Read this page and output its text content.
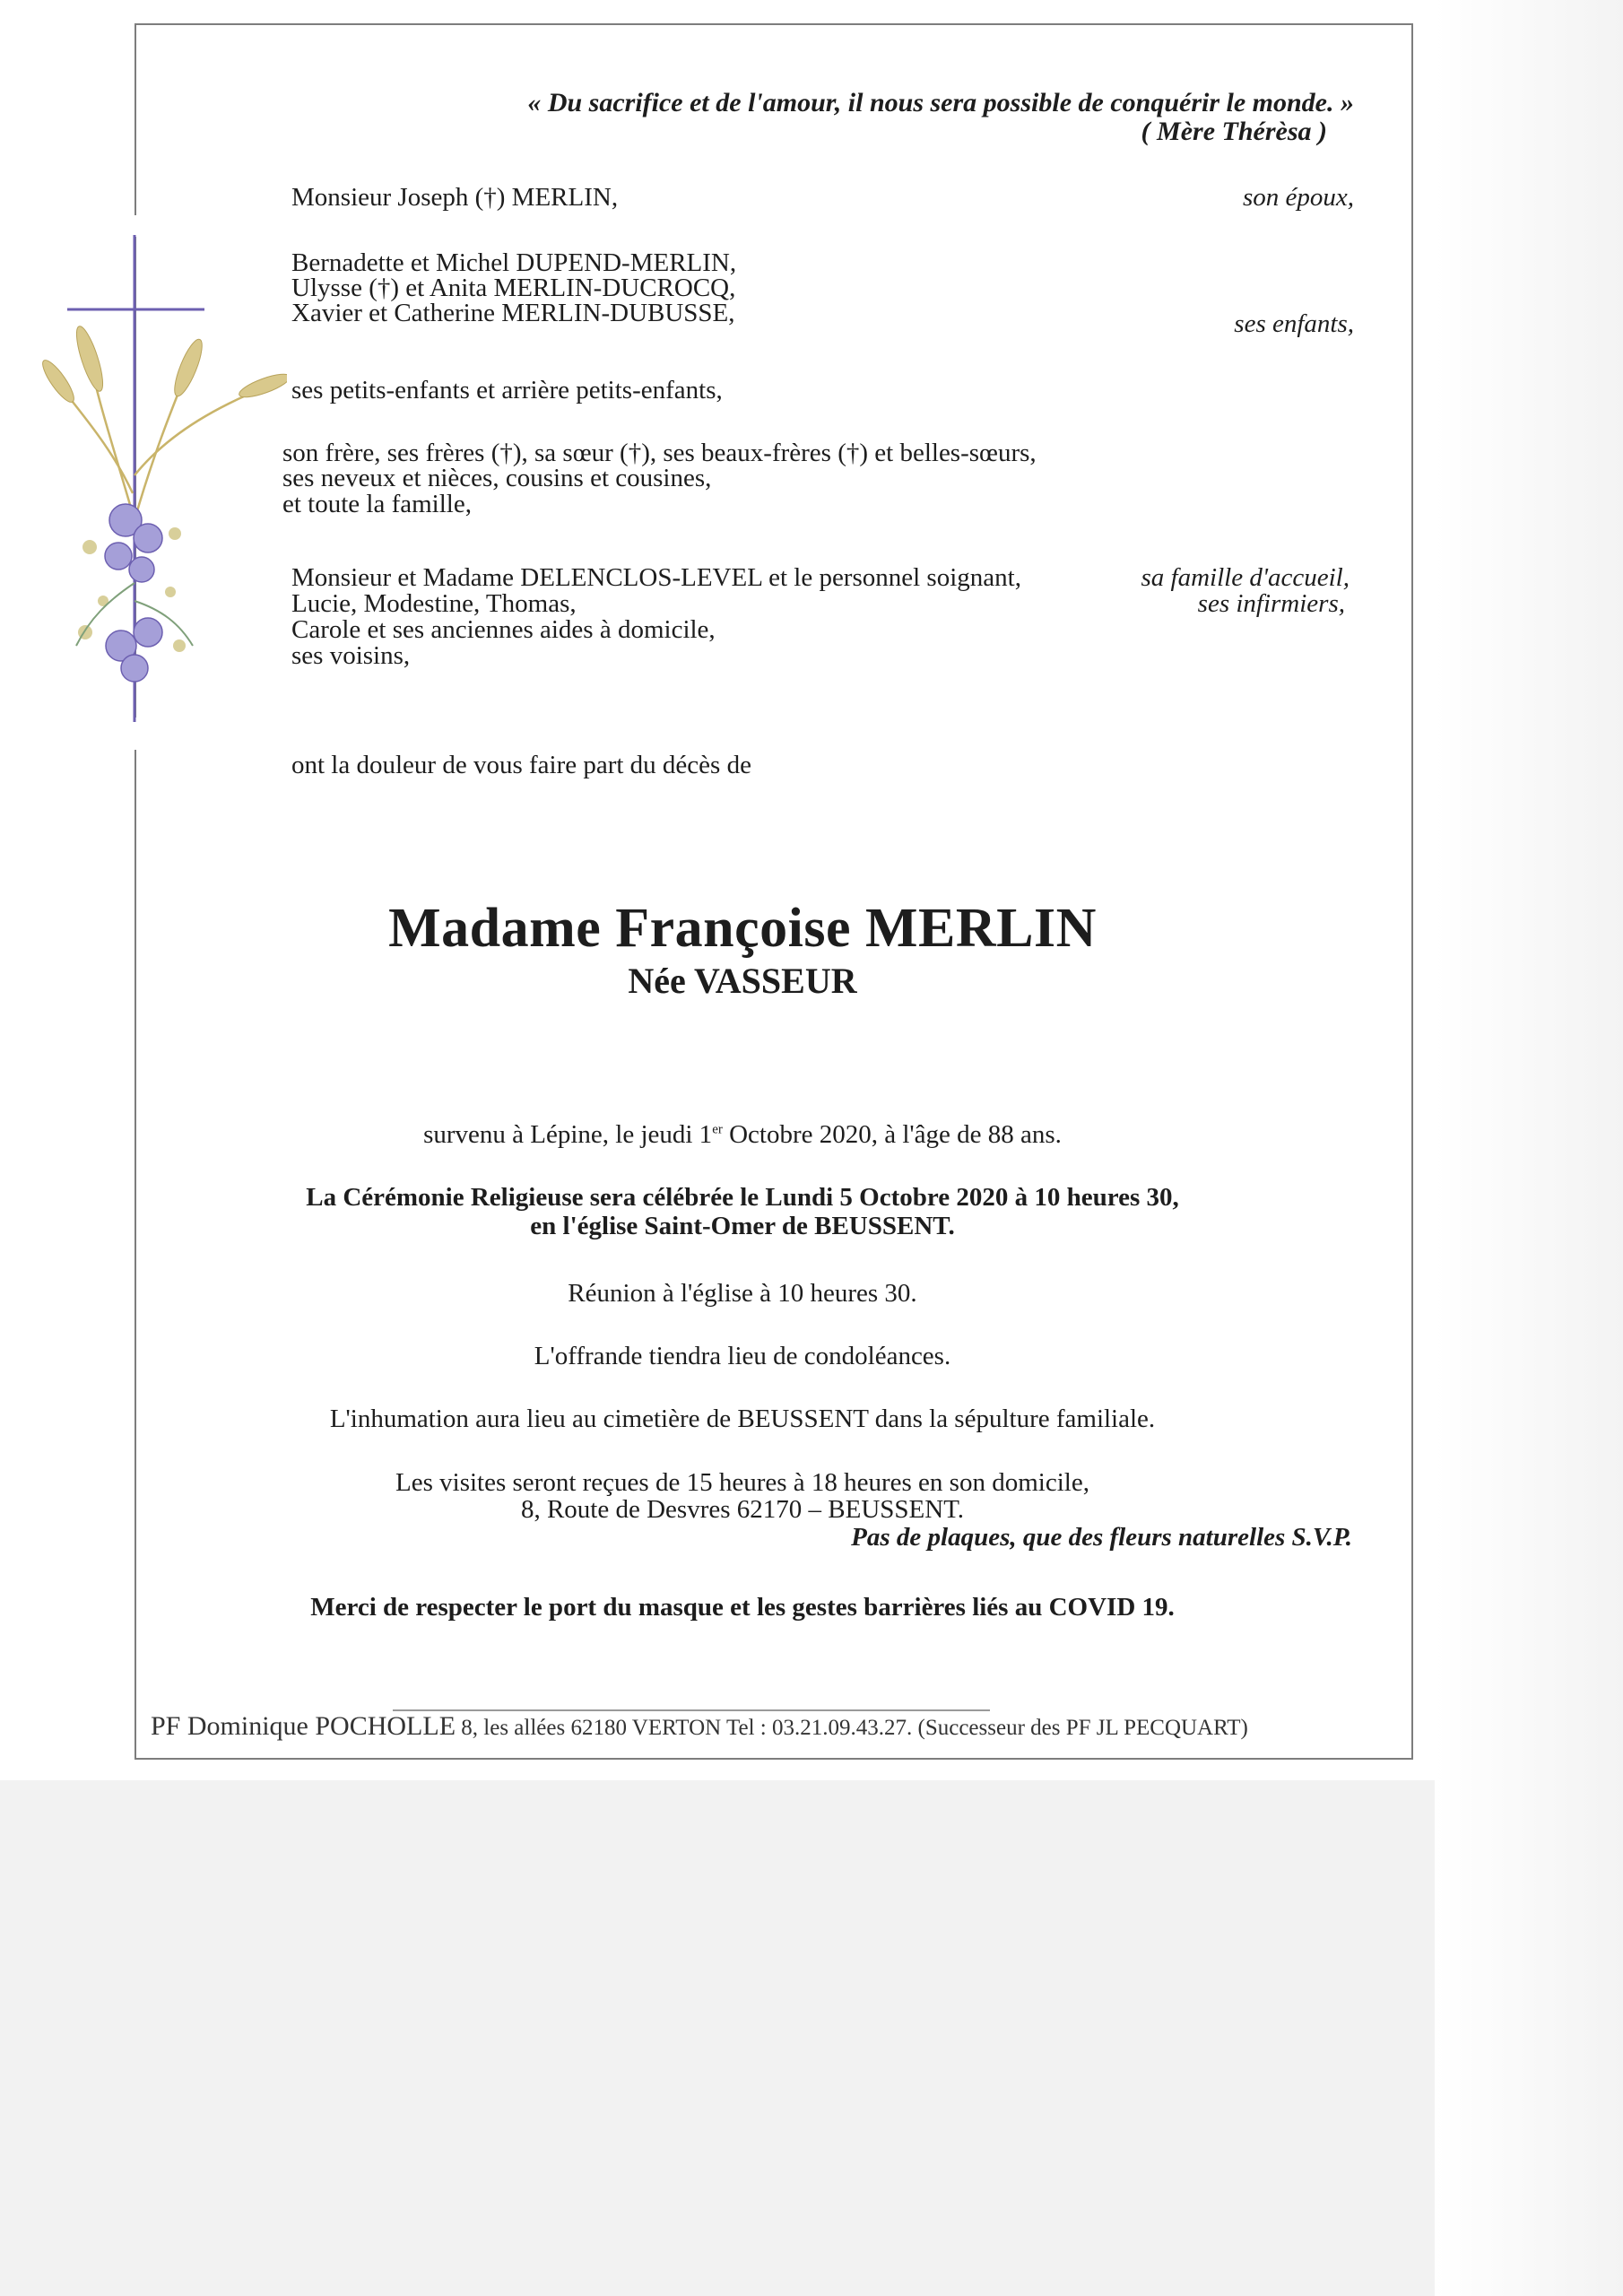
« Du sacrifice et de l'amour, il nous sera possible de conquérir le monde. »
( Mère Thérèsa )
Monsieur Joseph (†) MERLIN,	son époux,
Bernadette et Michel DUPEND-MERLIN,
Ulysse (†) et Anita MERLIN-DUCROCQ,
Xavier et Catherine MERLIN-DUBUSSE,	ses enfants,
ses petits-enfants et arrière petits-enfants,
son frère, ses frères (†), sa sœur (†), ses beaux-frères (†) et belles-sœurs,
ses neveux et nièces, cousins et cousines,
et toute la famille,
Monsieur et Madame DELENCLOS-LEVEL et le personnel soignant,
Lucie, Modestine, Thomas,
Carole et ses anciennes aides à domicile,
ses voisins,
sa famille d'accueil,
ses infirmiers,
ont la douleur de vous faire part du décès de
Madame Françoise MERLIN
Née VASSEUR
survenu à Lépine, le jeudi 1er Octobre 2020, à l'âge de 88 ans.
La Cérémonie Religieuse sera célébrée le Lundi 5 Octobre 2020 à 10 heures 30,
en l'église Saint-Omer de BEUSSENT.
Réunion à l'église à 10 heures 30.
L'offrande tiendra lieu de condoléances.
L'inhumation aura lieu au cimetière de BEUSSENT dans la sépulture familiale.
Les visites seront reçues de 15 heures à 18 heures en son domicile,
8, Route de Desvres 62170 – BEUSSENT.
Pas de plaques, que des fleurs naturelles S.V.P.
Merci de respecter le port du masque et les gestes barrières liés au COVID 19.
PF Dominique POCHOLLE 8, les allées 62180 VERTON Tel : 03.21.09.43.27. (Successeur des PF JL PECQUART)
